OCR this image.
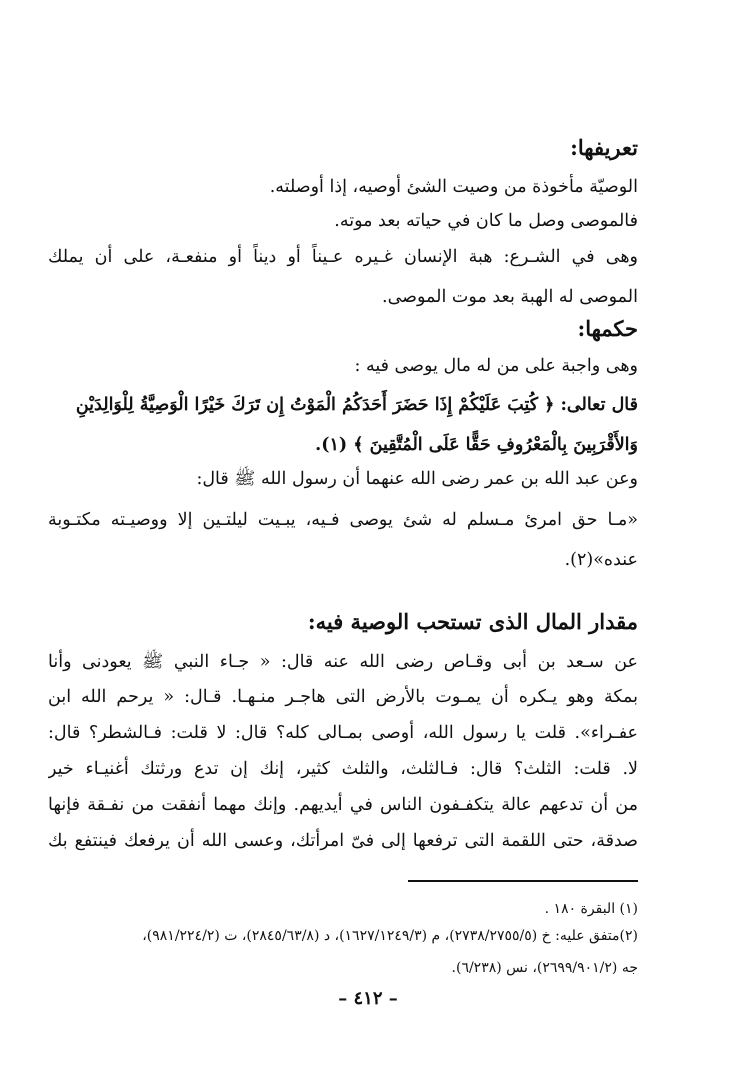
تعريفها:
الوصيّة مأخوذة من وصيت الشئ أوصيه، إذا أوصلته.
فالموصى وصل ما كان في حياته بعد موته.
وهى في الشـرع: هبة الإنسان غـيره عـيناً أو ديناً أو منفعـة، على أن يملك
الموصى له الهبة بعد موت الموصى.
حكمها:
وهى واجبة على من له مال يوصى فيه :
قال تعالى: ﴿ كُتِبَ عَلَيْكُمْ إِذَا حَضَرَ أَحَدَكُمُ الْمَوْتُ إِن تَرَكَ خَيْرًا الْوَصِيَّةُ لِلْوَالِدَيْنِ
وَالأَقْرَبِينَ بِالْمَعْرُوفِ حَقًّا عَلَى الْمُتَّقِينَ ﴾ (١).
وعن عبد الله بن عمر رضى الله عنهما أن رسول الله ﷺ قال:
«مـا حق امرئ مـسلم له شئ يوصى فـيه، يبـيت ليلتـين إلا ووصيـته مكتـوبة
عنده»(٢).
مقدار المال الذى تستحب الوصية فيه:
عن سـعد بن أبى وقـاص رضى الله عنه قال: « جـاء النبي ﷺ يعودنى وأنا
بمكة وهو يـكره أن يمـوت بالأرض التى هاجـر منـهـا. قـال: « يرحم الله ابن
عفـراء». قلت يا رسول الله، أوصى بمـالى كله؟ قال: لا قلت: فـالشطر؟ قال:
لا. قلت: الثلث؟ قال: فـالثلث، والثلث كثير، إنك إن تدع ورثتك أغنيـاء خير
من أن تدعهم عالة يتكفـفون الناس في أيديهم. وإنك مهما أنفقت من نفـقة فإنها
صدقة، حتى اللقمة التى ترفعها إلى فىّ امرأتك، وعسى الله أن يرفعك فينتفع بك
(١) البقرة ١٨٠ .
(٢)متفق عليه: خ (٢٧٣٨/٢٧٥٥/٥)، م (١٦٢٧/١٢٤٩/٣)، د (٢٨٤٥/٦٣/٨)، ت (٩٨١/٢٢٤/٢)،
جه (٢٦٩٩/٩٠١/٢)، نس (٦/٢٣٨).
– ٤١٢ –
